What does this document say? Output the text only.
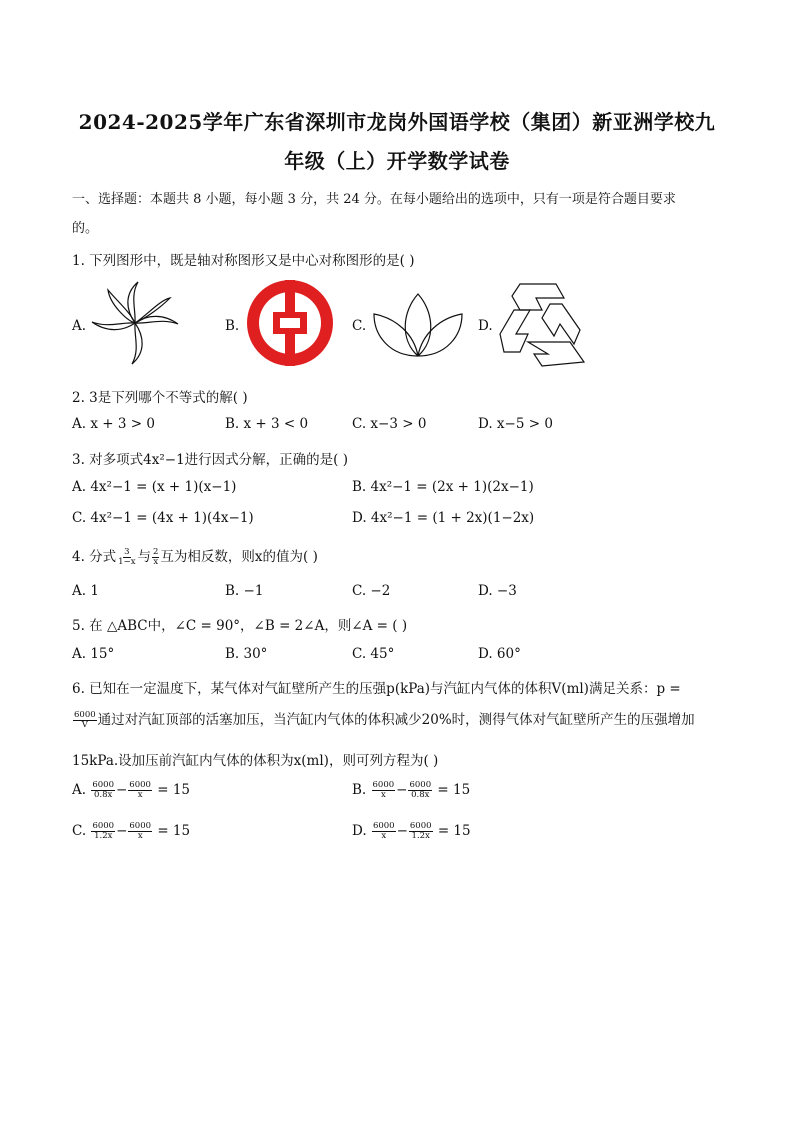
2024-2025学年广东省深圳市龙岗外国语学校（集团）新亚洲学校九
年级（上）开学数学试卷
一、选择题：本题共 8 小题，每小题 3 分，共 24 分。在每小题给出的选项中，只有一项是符合题目要求
的。
1. 下列图形中，既是轴对称图形又是中心对称图形的是( )
A.	B.	C.	D.
2. 3是下列哪个不等式的解( )
A. x + 3 > 0	B. x + 3 < 0	C. x−3 > 0	D. x−5 > 0
3. 对多项式4x²−1进行因式分解，正确的是( )
A. 4x²−1 = (x + 1)(x−1)	B. 4x²−1 = (2x + 1)(2x−1)
C. 4x²−1 = (4x + 1)(4x−1)	D. 4x²−1 = (1 + 2x)(1−2x)
4. 分式 $\frac{3}{1-x}$ 与 $\frac{2}{x}$ 互为相反数，则x的值为( )
A. 1	B. −1	C. −2	D. −3
5. 在 △ABC中，∠C = 90°，∠B = 2∠A，则∠A = ( )
A. 15°	B. 30°	C. 45°	D. 60°
6. 已知在一定温度下，某气体对气缸壁所产生的压强p(kPa)与汽缸内气体的体积V(ml)满足关系：p =
$\frac{6000}{V}$ 通过对汽缸顶部的活塞加压，当汽缸内气体的体积减少20%时，测得气体对气缸壁所产生的压强增加
15kPa.设加压前汽缸内气体的体积为x(ml)，则可列方程为( )
A. $\frac{6000}{0.8x} - \frac{6000}{x} = 15$	B. $\frac{6000}{x} - \frac{6000}{0.8x} = 15$
C. $\frac{6000}{1.2x} - \frac{6000}{x} = 15$	D. $\frac{6000}{x} - \frac{6000}{1.2x} = 15$
